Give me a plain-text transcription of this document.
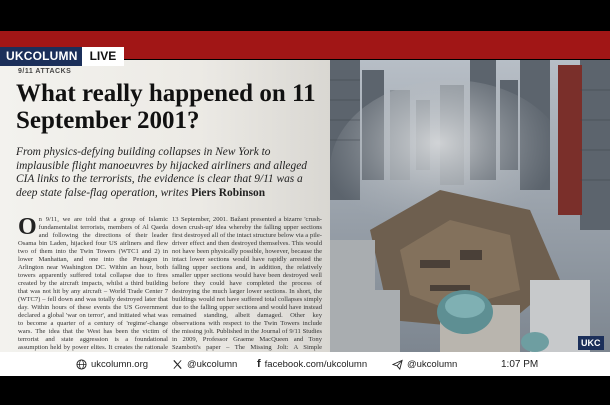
UKCOLUMN	LIVE
9/11 ATTACKS
What really happened on 11 September 2001?
From physics-defying building collapses in New York to implausible flight manoeuvres by hijacked airliners and alleged CIA links to the terrorists, the evidence is clear that 9/11 was a deep state false-flag operation, writes Piers Robinson
O n 9/11, we are told that a group of Islamic fundamentalist terrorists, members of Al Qaeda and following the directions of their leader Osama bin Laden, hijacked four US airliners and flew two of them into the Twin Towers (WTC1 and 2) in lower Manhattan, and one into the Pentagon in Arlington near Washington DC. Within an hour, both towers apparently suffered total collapse due to fires created by the aircraft impacts, whilst a third building that was not hit by any aircraft – World Trade Center 7 (WTC7) – fell down and was totally destroyed later that day. Within hours of these events the US Government declared a global 'war on terror', and initiated what was to become a quarter of a century of 'regime'-change wars. The idea that the West has been the victim of terrorist and state aggression is a foundational assumption held by power elites. It creates the rationale
13 September, 2001. Bažant presented a bizarre 'crush-down crush-up' idea whereby the falling upper sections first destroyed all of the intact structure below via a pile-driver effect and then destroyed themselves. This would not have been physically possible, however, because the intact lower sections would have rapidly arrested the falling upper sections and, in addition, the relatively smaller upper sections would have been destroyed well before they could have completed the process of destroying the much larger lower sections. In short, the buildings would not have suffered total collapses simply due to the falling upper sections and would have instead remained standing, albeit damaged. Other key observations with respect to the Twin Towers include the missing jolt. Published in the Journal of 9/11 Studies in 2009, Professor Graeme MacQueen and Tony Szamboti's paper – The Missing Jolt: A Simple	UKC
ukcolumn.org	@ukcolumn f facebook.com/ukcolumn	@ukcolumn	1:07 PM
